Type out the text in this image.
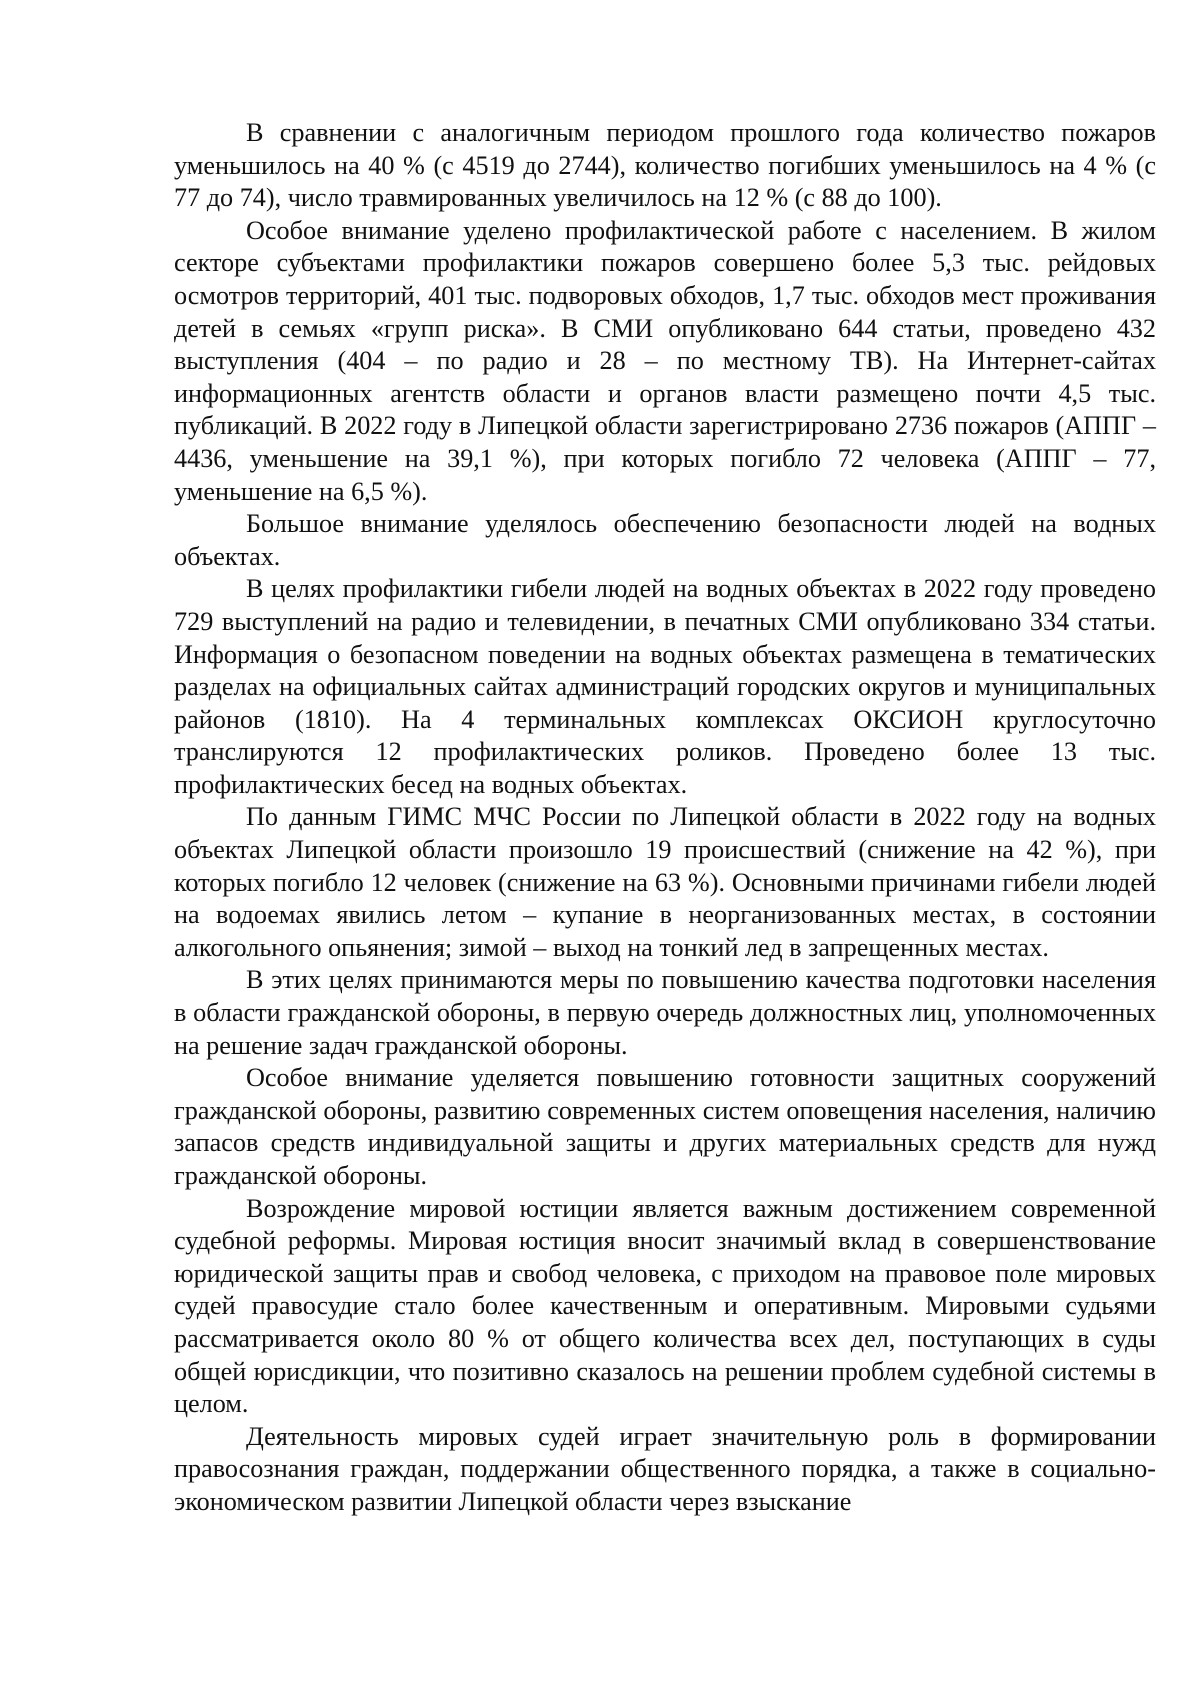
В сравнении с аналогичным периодом прошлого года количество пожаров уменьшилось на 40 % (с 4519 до 2744), количество погибших уменьшилось на 4 % (с 77 до 74), число травмированных увеличилось на 12 % (с 88 до 100).

Особое внимание уделено профилактической работе с населением. В жилом секторе субъектами профилактики пожаров совершено более 5,3 тыс. рейдовых осмотров территорий, 401 тыс. подворовых обходов, 1,7 тыс. обходов мест проживания детей в семьях «групп риска». В СМИ опубликовано 644 статьи, проведено 432 выступления (404 – по радио и 28 – по местному ТВ). На Интернет-сайтах информационных агентств области и органов власти размещено почти 4,5 тыс. публикаций. В 2022 году в Липецкой области зарегистрировано 2736 пожаров (АППГ – 4436, уменьшение на 39,1 %), при которых погибло 72 человека (АППГ – 77, уменьшение на 6,5 %).

Большое внимание уделялось обеспечению безопасности людей на водных объектах.

В целях профилактики гибели людей на водных объектах в 2022 году проведено 729 выступлений на радио и телевидении, в печатных СМИ опубликовано 334 статьи. Информация о безопасном поведении на водных объектах размещена в тематических разделах на официальных сайтах администраций городских округов и муниципальных районов (1810). На 4 терминальных комплексах ОКСИОН круглосуточно транслируются 12 профилактических роликов. Проведено более 13 тыс. профилактических бесед на водных объектах.

По данным ГИМС МЧС России по Липецкой области в 2022 году на водных объектах Липецкой области произошло 19 происшествий (снижение на 42 %), при которых погибло 12 человек (снижение на 63 %). Основными причинами гибели людей на водоемах явились летом – купание в неорганизованных местах, в состоянии алкогольного опьянения; зимой – выход на тонкий лед в запрещенных местах.

В этих целях принимаются меры по повышению качества подготовки населения в области гражданской обороны, в первую очередь должностных лиц, уполномоченных на решение задач гражданской обороны.

Особое внимание уделяется повышению готовности защитных сооружений гражданской обороны, развитию современных систем оповещения населения, наличию запасов средств индивидуальной защиты и других материальных средств для нужд гражданской обороны.

Возрождение мировой юстиции является важным достижением современной судебной реформы. Мировая юстиция вносит значимый вклад в совершенствование юридической защиты прав и свобод человека, с приходом на правовое поле мировых судей правосудие стало более качественным и оперативным. Мировыми судьями рассматривается около 80 % от общего количества всех дел, поступающих в суды общей юрисдикции, что позитивно сказалось на решении проблем судебной системы в целом.

Деятельность мировых судей играет значительную роль в формировании правосознания граждан, поддержании общественного порядка, а также в социально-экономическом развитии Липецкой области через взыскание
